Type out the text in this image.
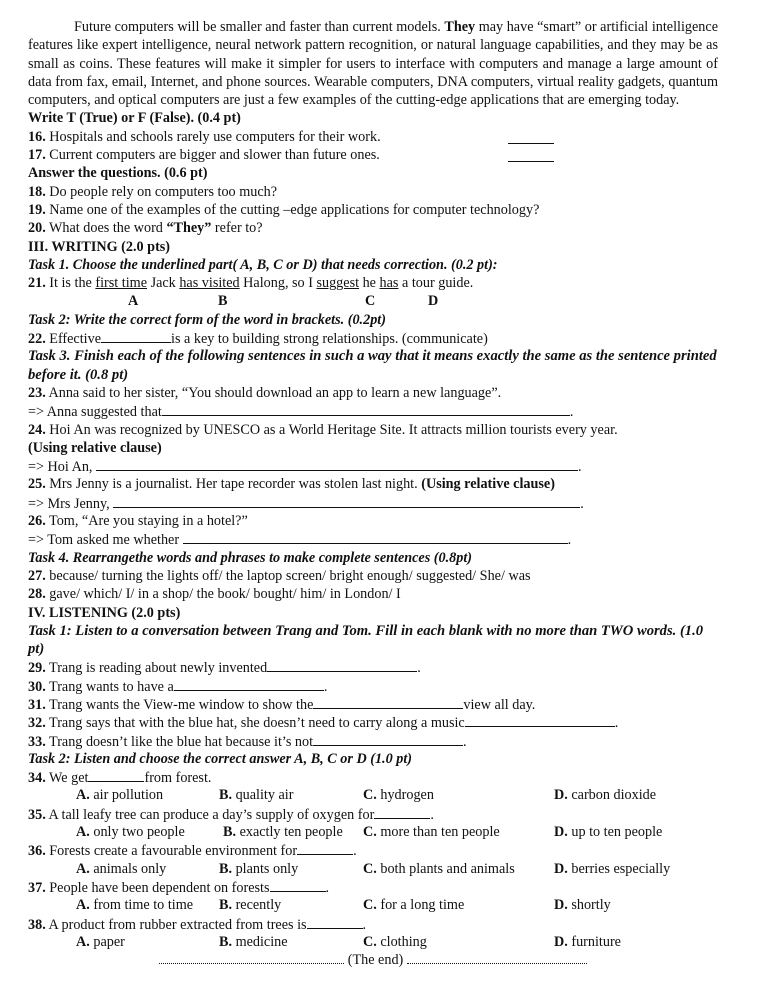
Future computers will be smaller and faster than current models. They may have “smart” or artificial intelligence features like expert intelligence, neural network pattern recognition, or natural language capabilities, and they may be as small as coins. These features will make it simpler for users to interface with computers and manage a large amount of data from fax, email, Internet, and phone sources. Wearable computers, DNA computers, virtual reality gadgets, quantum computers, and optical computers are just a few examples of the cutting-edge applications that are emerging today.

Write T (True) or F (False). (0.4 pt)

16. Hospitals and schools rarely use computers for their work.

17. Current computers are bigger and slower than future ones.

Answer the questions. (0.6 pt)

18. Do people rely on computers too much?

19. Name one of the examples of the cutting –edge applications for computer technology?

20. What does the word “They” refer to?

III. WRITING (2.0 pts)

Task 1. Choose the underlined part( A, B, C or D) that needs correction. (0.2 pt):

21. It is the first time Jack has visited Halong, so I suggest he has a tour guide.

A	B	C	D

Task 2: Write the correct form of the word in brackets. (0.2pt)

22. Effective	is a key to building strong relationships. (communicate)

Task 3. Finish each of the following sentences in such a way that it means exactly the same as the sentence printed before it. (0.8 pt)

23. Anna said to her sister, “You should download an app to learn a new language”.

=> Anna suggested that	.

24. Hoi An was recognized by UNESCO as a World Heritage Site. It attracts million tourists every year.

(Using relative clause)

=> Hoi An,	.

25. Mrs Jenny is a journalist. Her tape recorder was stolen last night. (Using relative clause)

=> Mrs Jenny,	.

26. Tom, “Are you staying in a hotel?”

=> Tom asked me whether	.

Task 4. Rearrangethe words and phrases to make complete sentences (0.8pt)

27. because/ turning the lights off/ the laptop screen/ bright enough/ suggested/ She/ was

28. gave/ which/ I/ in a shop/ the book/ bought/ him/ in London/ I

IV. LISTENING (2.0 pts)

Task 1: Listen to a conversation between Trang and Tom. Fill in each blank with no more than TWO words. (1.0 pt)

29. Trang is reading about newly invented	.

30. Trang wants to have a	.

31. Trang wants the View-me window to show the	view all day.

32. Trang says that with the blue hat, she doesn’t need to carry along a music	.

33. Trang doesn’t like the blue hat because it’s not	.

Task 2: Listen and choose the correct answer A, B, C or D (1.0 pt)

34. We get	from forest.

A. air pollution	B. quality air	C. hydrogen	D. carbon dioxide

35. A tall leafy tree can produce a day’s supply of oxygen for	.

A. only two people	B. exactly ten people C. more than ten people	D. up to ten people

36. Forests create a favourable environment for	.

A. animals only	B. plants only	C. both plants and animals	D. berries especially

37. People have been dependent on forests	.

A. from time to time B. recently	C. for a long time	D. shortly

38. A product from rubber extracted from trees is	.

A. paper	B. medicine	C. clothing	D. furniture

(The end)
